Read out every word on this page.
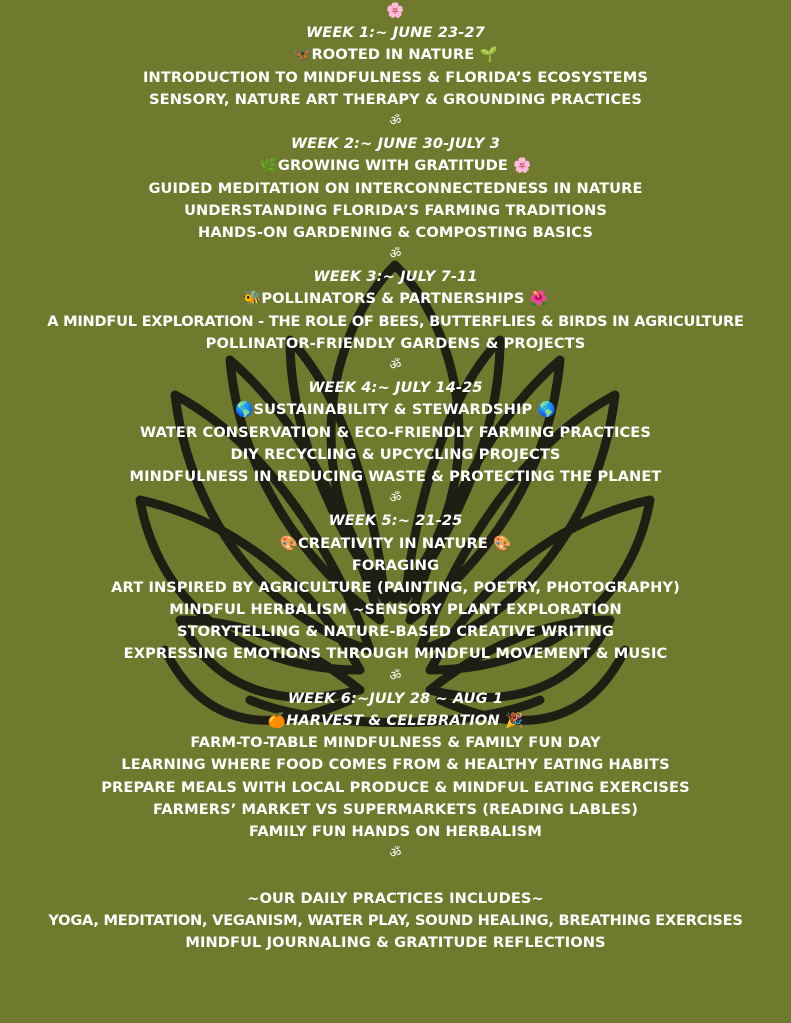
🌸
WEEK 1:~ JUNE 23-27
🦋ROOTED IN NATURE 🌱
INTRODUCTION TO MINDFULNESS & FLORIDA’S ECOSYSTEMS
SENSORY, NATURE ART THERAPY & GROUNDING PRACTICES
ॐ
WEEK 2:~ JUNE 30-JULY 3
🌿GROWING WITH GRATITUDE 🌸
GUIDED MEDITATION ON INTERCONNECTEDNESS IN NATURE
UNDERSTANDING FLORIDA’S FARMING TRADITIONS
HANDS-ON GARDENING & COMPOSTING BASICS
ॐ
WEEK 3:~ JULY 7-11
🐝POLLINATORS & PARTNERSHIPS 🌺
A MINDFUL EXPLORATION - THE ROLE OF BEES, BUTTERFLIES & BIRDS IN AGRICULTURE
POLLINATOR-FRIENDLY GARDENS & PROJECTS
ॐ
WEEK 4:~ JULY 14-25
🌎SUSTAINABILITY & STEWARDSHIP 🌎
WATER CONSERVATION & ECO-FRIENDLY FARMING PRACTICES
DIY RECYCLING & UPCYCLING PROJECTS
MINDFULNESS IN REDUCING WASTE & PROTECTING THE PLANET
ॐ
WEEK 5:~ 21-25
🎨CREATIVITY IN NATURE 🎨
FORAGING
ART INSPIRED BY AGRICULTURE (PAINTING, POETRY, PHOTOGRAPHY)
MINDFUL HERBALISM ~SENSORY PLANT EXPLORATION
STORYTELLING & NATURE-BASED CREATIVE WRITING
EXPRESSING EMOTIONS THROUGH MINDFUL MOVEMENT & MUSIC
ॐ
WEEK 6:~JULY 28 ~ AUG 1
🍊HARVEST & CELEBRATION 🎉
FARM-TO-TABLE MINDFULNESS & FAMILY FUN DAY
LEARNING WHERE FOOD COMES FROM & HEALTHY EATING HABITS
PREPARE MEALS WITH LOCAL PRODUCE & MINDFUL EATING EXERCISES
FARMERS’ MARKET VS SUPERMARKETS (READING LABLES)
FAMILY FUN HANDS ON HERBALISM
ॐ
~OUR DAILY PRACTICES INCLUDES~
YOGA, MEDITATION, VEGANISM, WATER PLAY, SOUND HEALING, BREATHING EXERCISES
MINDFUL JOURNALING & GRATITUDE REFLECTIONS
